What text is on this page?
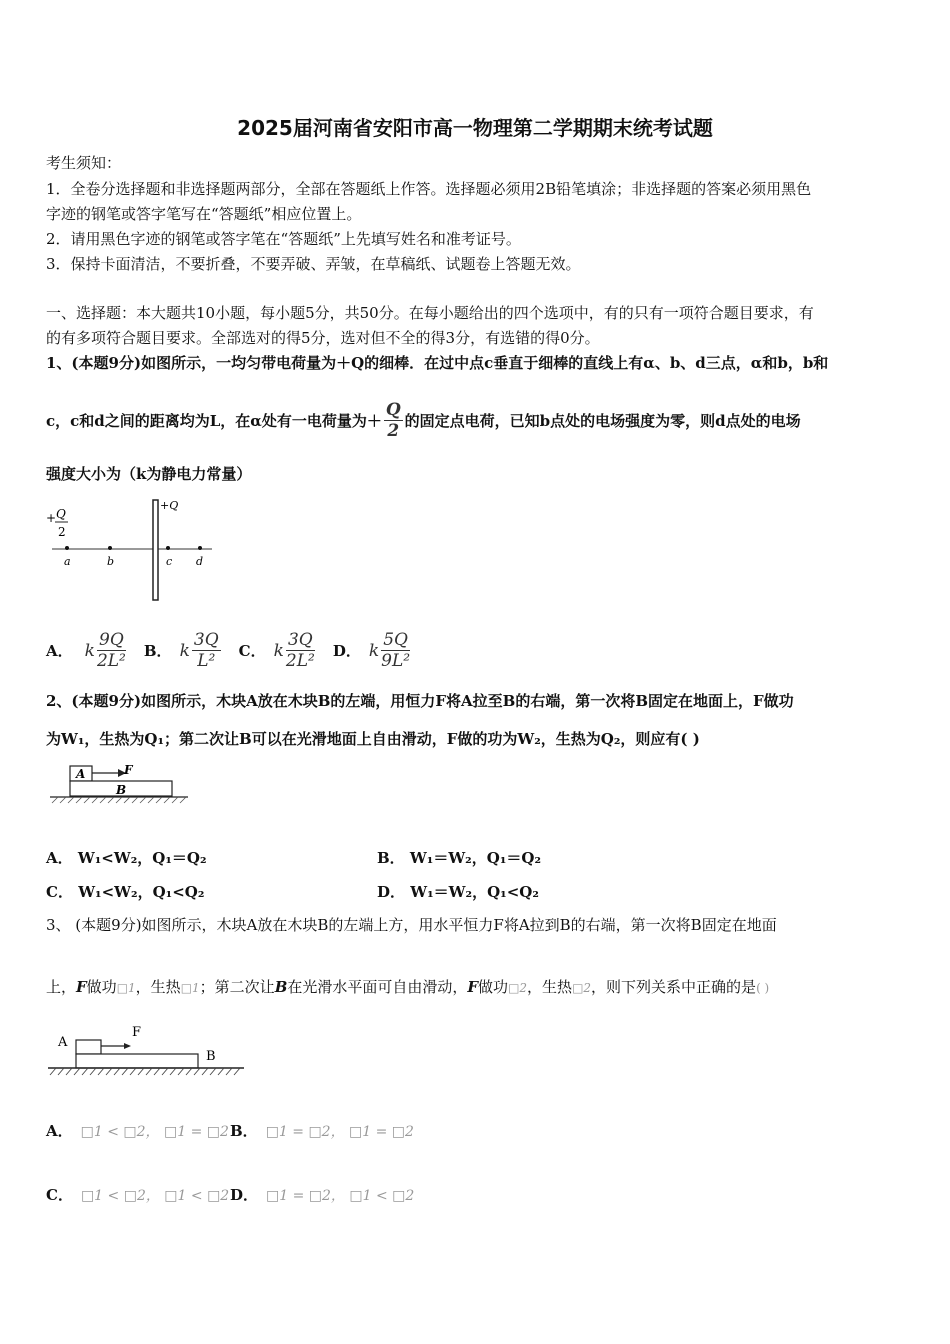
2025届河南省安阳市高一物理第二学期期末统考试题
考生须知：
1．全卷分选择题和非选择题两部分，全部在答题纸上作答。选择题必须用2B铅笔填涂；非选择题的答案必须用黑色
字迹的钢笔或答字笔写在“答题纸”相应位置上。
2．请用黑色字迹的钢笔或答字笔在“答题纸”上先填写姓名和准考证号。
3．保持卡面清洁，不要折叠，不要弄破、弄皱，在草稿纸、试题卷上答题无效。
一、选择题：本大题共10小题，每小题5分，共50分。在每小题给出的四个选项中，有的只有一项符合题目要求，有
的有多项符合题目要求。全部选对的得5分，选对但不全的得3分，有选错的得0分。
1、(本题9分)如图所示，一均匀带电荷量为＋Q的细棒．在过中点c垂直于细棒的直线上有α、b、d三点，α和b，b和
c，c和d之间的距离均为L，在α处有一电荷量为＋ $\frac{Q}{2}$ 的固定点电荷，已知b点处的电场强度为零，则d点处的电场
强度大小为（k为静电力常量）
+ Q
2
+Q
a	b	c d
A． k $\frac{9Q}{\text{2L²}}$ B． k $\frac{3Q}{\text{L²}}$ C． k $\frac{3Q}{\text{2L²}}$ D． k $\frac{5Q}{\text{9L²}}$
2、(本题9分)如图所示，木块A放在木块B的左端，用恒力F将A拉至B的右端，第一次将B固定在地面上，F做功
为W₁，生热为Q₁；第二次让B可以在光滑地面上自由滑动，F做的功为W₂，生热为Q₂，则应有( )
A	F
B
A． W₁<W₂，Q₁＝Q₂	B． W₁＝W₂，Q₁＝Q₂
C． W₁<W₂，Q₁<Q₂	D． W₁＝W₂，Q₁<Q₂
3、 (本题9分)如图所示，木块A放在木块B的左端上方，用水平恒力F将A拉到B的右端，第一次将B固定在地面
上，F做功□1，生热□1；第二次让B在光滑水平面可自由滑动，F做功□2，生热□2，则下列关系中正确的是( )
A
F
B
A． □1 < □2， □1 = □2 B． □1 = □2， □1 = □2
C． □1 < □2， □1 < □2 D． □1 = □2， □1 < □2
